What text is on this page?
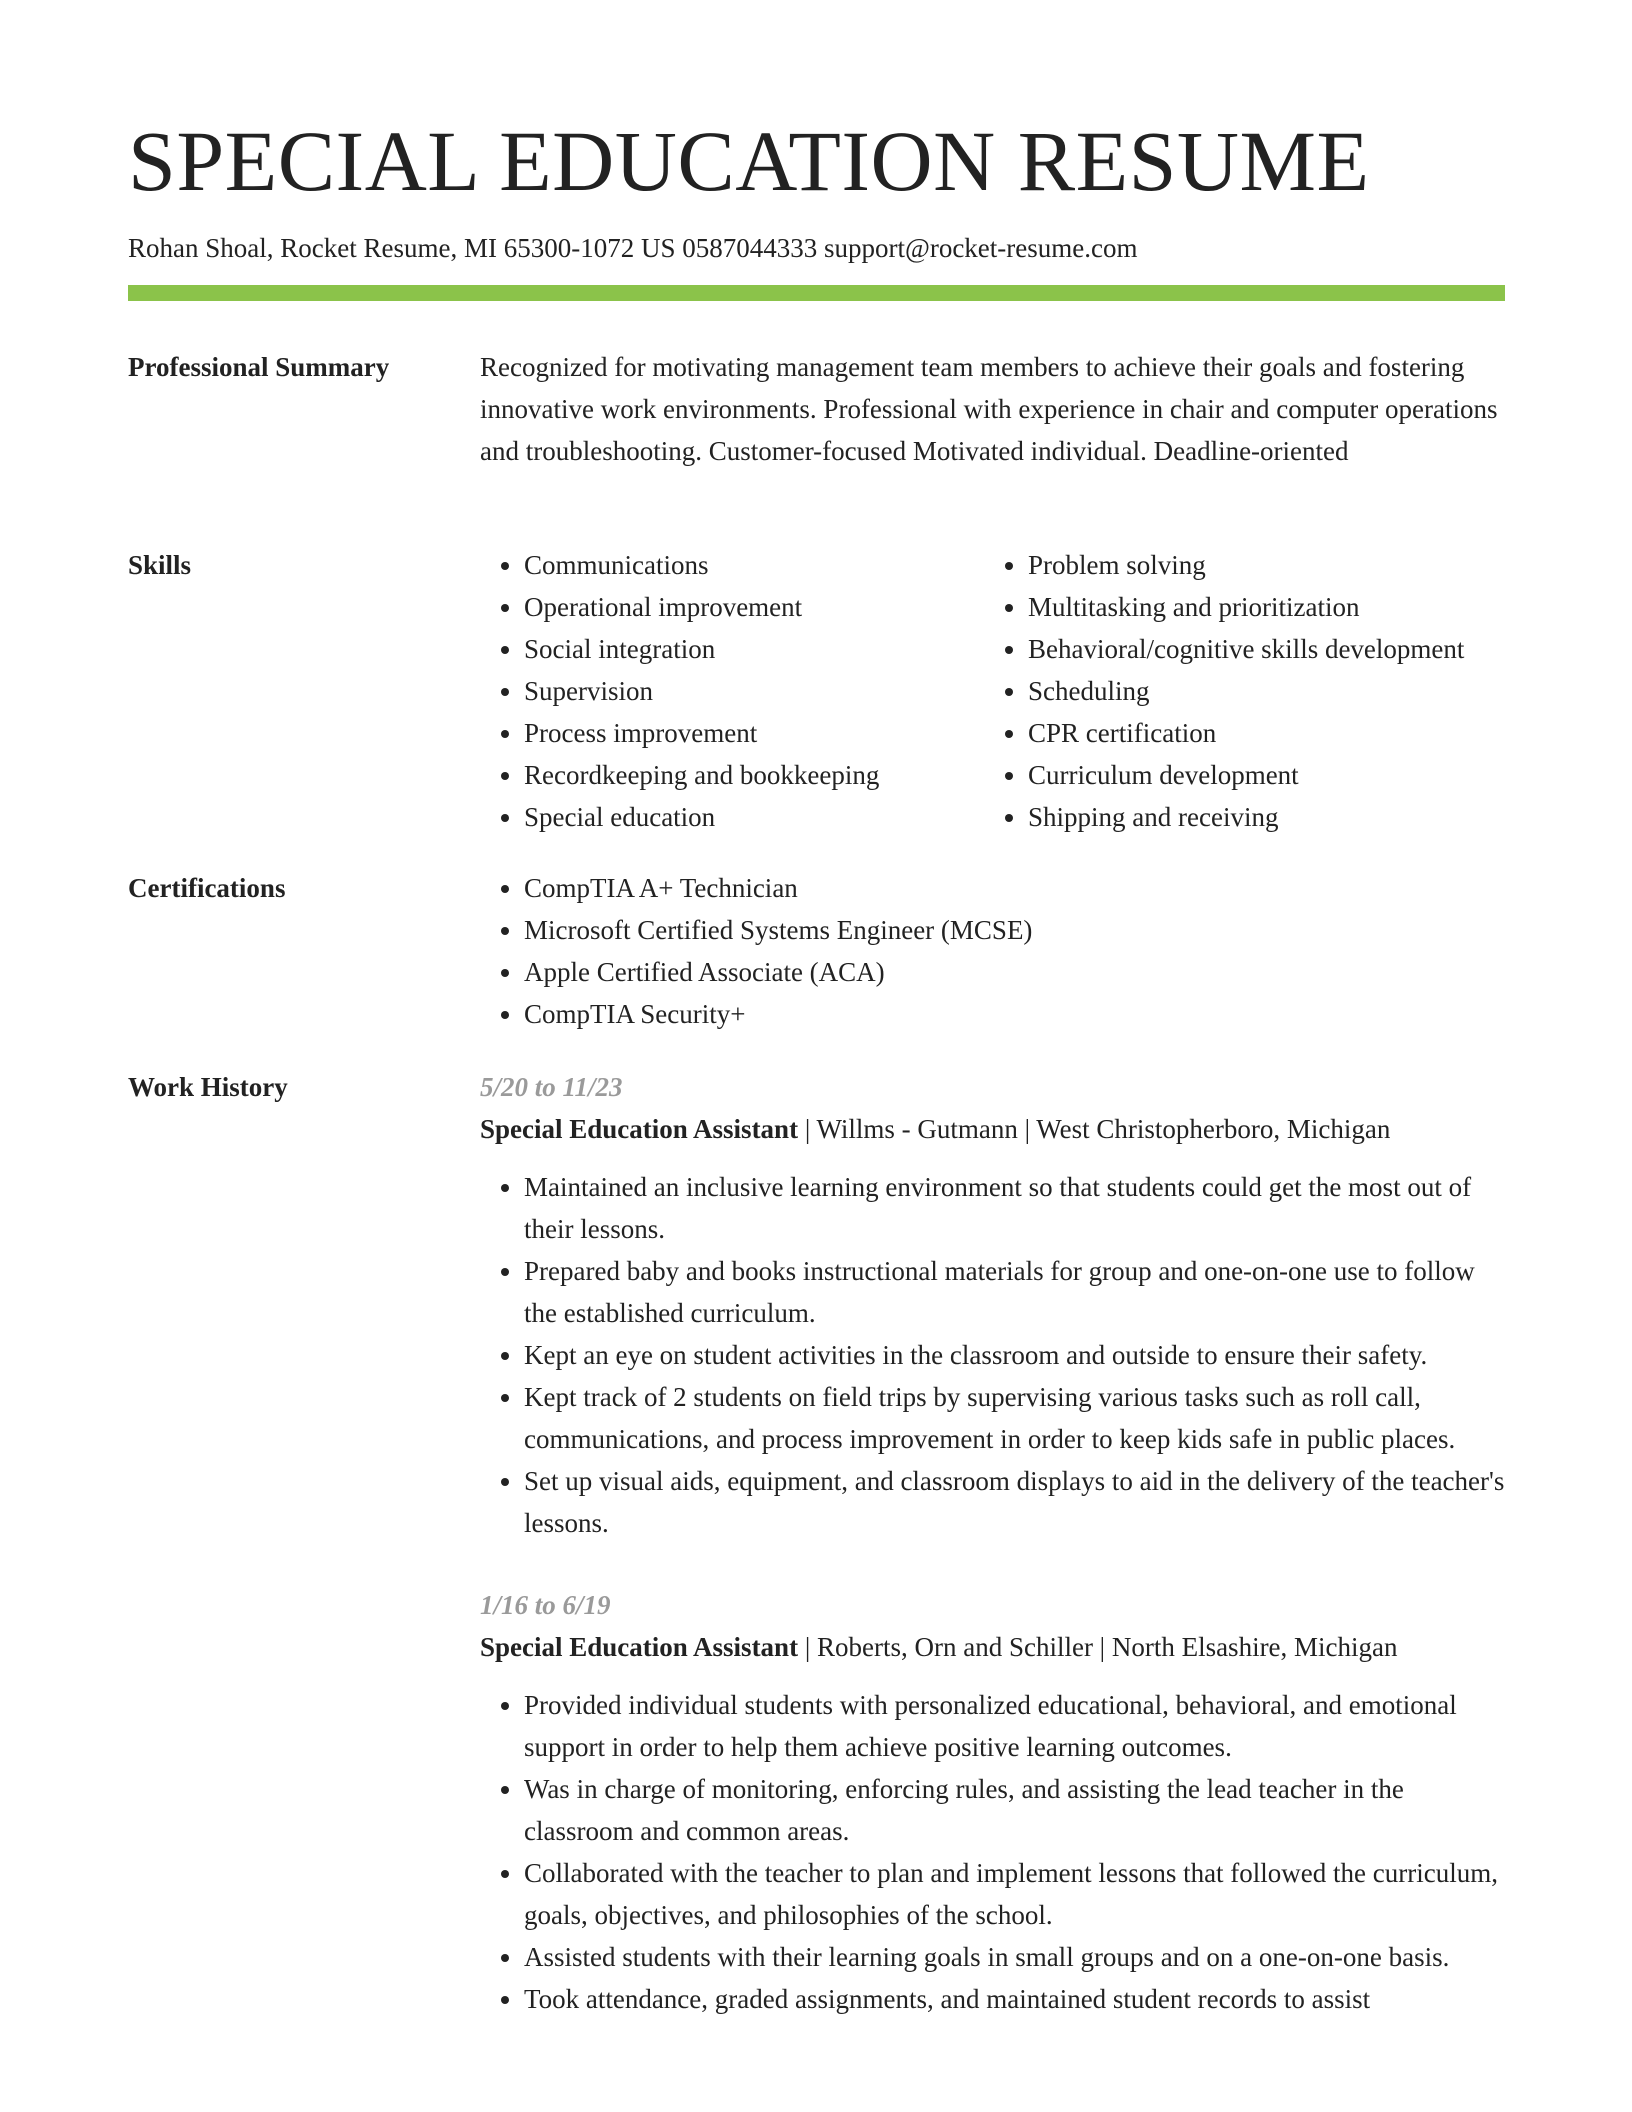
SPECIAL EDUCATION RESUME
Rohan Shoal, Rocket Resume, MI 65300-1072 US 0587044333 support@rocket-resume.com
Professional Summary	Recognized for motivating management team members to achieve their goals and fostering innovative work environments. Professional with experience in chair and computer operations and troubleshooting. Customer-focused Motivated individual. Deadline-oriented
Skills	• Communications
• Operational improvement
• Social integration
• Supervision
• Process improvement
• Recordkeeping and bookkeeping
• Special education
• Problem solving
• Multitasking and prioritization
• Behavioral/cognitive skills development
• Scheduling
• CPR certification
• Curriculum development
• Shipping and receiving
Certifications	• CompTIA A+ Technician
• Microsoft Certified Systems Engineer (MCSE)
• Apple Certified Associate (ACA)
• CompTIA Security+
Work History	5/20 to 11/23
Special Education Assistant | Willms - Gutmann | West Christopherboro, Michigan
• Maintained an inclusive learning environment so that students could get the most out of their lessons.
• Prepared baby and books instructional materials for group and one-on-one use to follow the established curriculum.
• Kept an eye on student activities in the classroom and outside to ensure their safety.
• Kept track of 2 students on field trips by supervising various tasks such as roll call, communications, and process improvement in order to keep kids safe in public places.
• Set up visual aids, equipment, and classroom displays to aid in the delivery of the teacher's lessons.
1/16 to 6/19
Special Education Assistant | Roberts, Orn and Schiller | North Elsashire, Michigan
• Provided individual students with personalized educational, behavioral, and emotional support in order to help them achieve positive learning outcomes.
• Was in charge of monitoring, enforcing rules, and assisting the lead teacher in the classroom and common areas.
• Collaborated with the teacher to plan and implement lessons that followed the curriculum, goals, objectives, and philosophies of the school.
• Assisted students with their learning goals in small groups and on a one-on-one basis.
• Took attendance, graded assignments, and maintained student records to assist
